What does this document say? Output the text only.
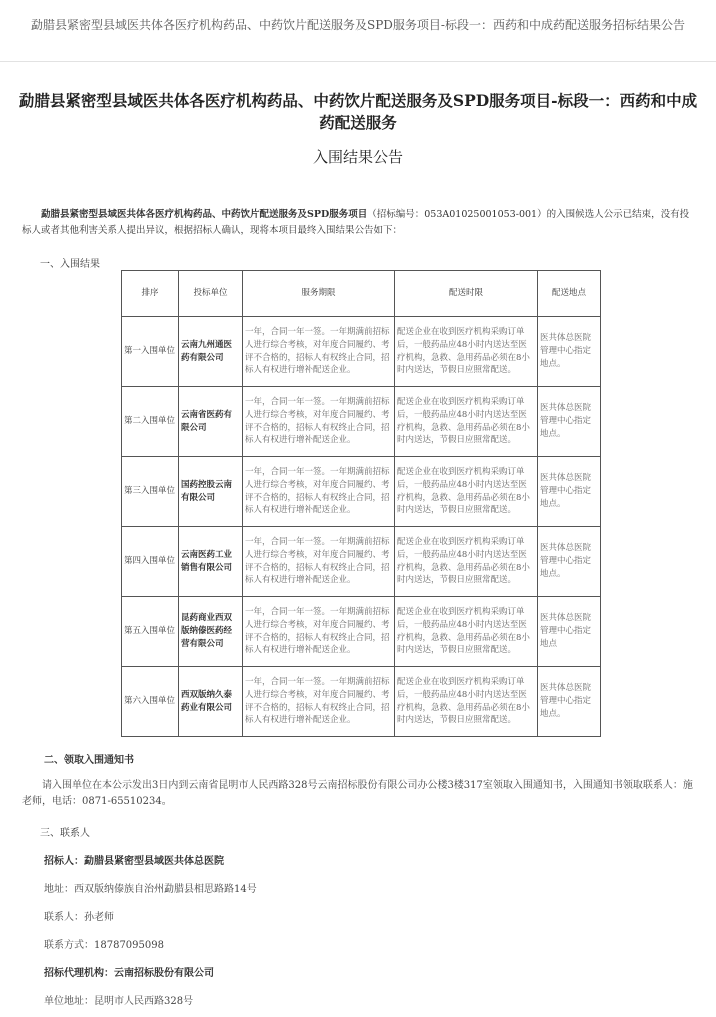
勐腊县紧密型县域医共体各医疗机构药品、中药饮片配送服务及SPD服务项目-标段一：西药和中成药配送服务招标结果公告
勐腊县紧密型县域医共体各医疗机构药品、中药饮片配送服务及SPD服务项目-标段一：西药和中成药配送服务
入围结果公告
勐腊县紧密型县域医共体各医疗机构药品、中药饮片配送服务及SPD服务项目（招标编号：053A01025001053-001）的入围候选人公示已结束，没有投标人或者其他利害关系人提出异议，根据招标人确认，现将本项目最终入围结果公告如下：
一、入围结果
排序	投标单位	服务期限	配送时限	配送地点
第一入围单位	云南九州通医药有限公司	一年，合同一年一签。一年期满前招标人进行综合考核，对年度合同履约、考评不合格的，招标人有权终止合同，招标人有权进行增补配送企业。	配送企业在收到医疗机构采购订单后，一般药品应48小时内送达至医疗机构，急救、急用药品必须在8小时内送达，节假日应照常配送。	医共体总医院管理中心指定地点。
第二入围单位	云南省医药有限公司	一年，合同一年一签。一年期满前招标人进行综合考核，对年度合同履约、考评不合格的，招标人有权终止合同，招标人有权进行增补配送企业。	配送企业在收到医疗机构采购订单后，一般药品应48小时内送达至医疗机构，急救、急用药品必须在8小时内送达，节假日应照常配送。	医共体总医院管理中心指定地点。
第三入围单位	国药控股云南有限公司	一年，合同一年一签。一年期满前招标人进行综合考核，对年度合同履约、考评不合格的，招标人有权终止合同，招标人有权进行增补配送企业。	配送企业在收到医疗机构采购订单后，一般药品应48小时内送达至医疗机构，急救、急用药品必须在8小时内送达，节假日应照常配送。	医共体总医院管理中心指定地点。
第四入围单位	云南医药工业销售有限公司	一年，合同一年一签。一年期满前招标人进行综合考核，对年度合同履约、考评不合格的，招标人有权终止合同，招标人有权进行增补配送企业。	配送企业在收到医疗机构采购订单后，一般药品应48小时内送达至医疗机构，急救、急用药品必须在8小时内送达，节假日应照常配送。	医共体总医院管理中心指定地点。
第五入围单位	昆药商业西双版纳傣医药经营有限公司	一年，合同一年一签。一年期满前招标人进行综合考核，对年度合同履约、考评不合格的，招标人有权终止合同，招标人有权进行增补配送企业。	配送企业在收到医疗机构采购订单后，一般药品应48小时内送达至医疗机构，急救、急用药品必须在8小时内送达，节假日应照常配送。	医共体总医院管理中心指定地点
第六入围单位	西双版纳久泰药业有限公司	一年，合同一年一签。一年期满前招标人进行综合考核，对年度合同履约、考评不合格的，招标人有权终止合同，招标人有权进行增补配送企业。	配送企业在收到医疗机构采购订单后，一般药品应48小时内送达至医疗机构，急救、急用药品必须在8小时内送达，节假日应照常配送。	医共体总医院管理中心指定地点。
二、领取入围通知书
请入围单位在本公示发出3日内到云南省昆明市人民西路328号云南招标股份有限公司办公楼3楼317室领取入围通知书，入围通知书领取联系人：施老师，电话：0871-65510234。
三、联系人
招标人：勐腊县紧密型县域医共体总医院
地址：西双版纳傣族自治州勐腊县相思路路14号
联系人：孙老师
联系方式：18787095098
招标代理机构：云南招标股份有限公司
单位地址：昆明市人民西路328号
